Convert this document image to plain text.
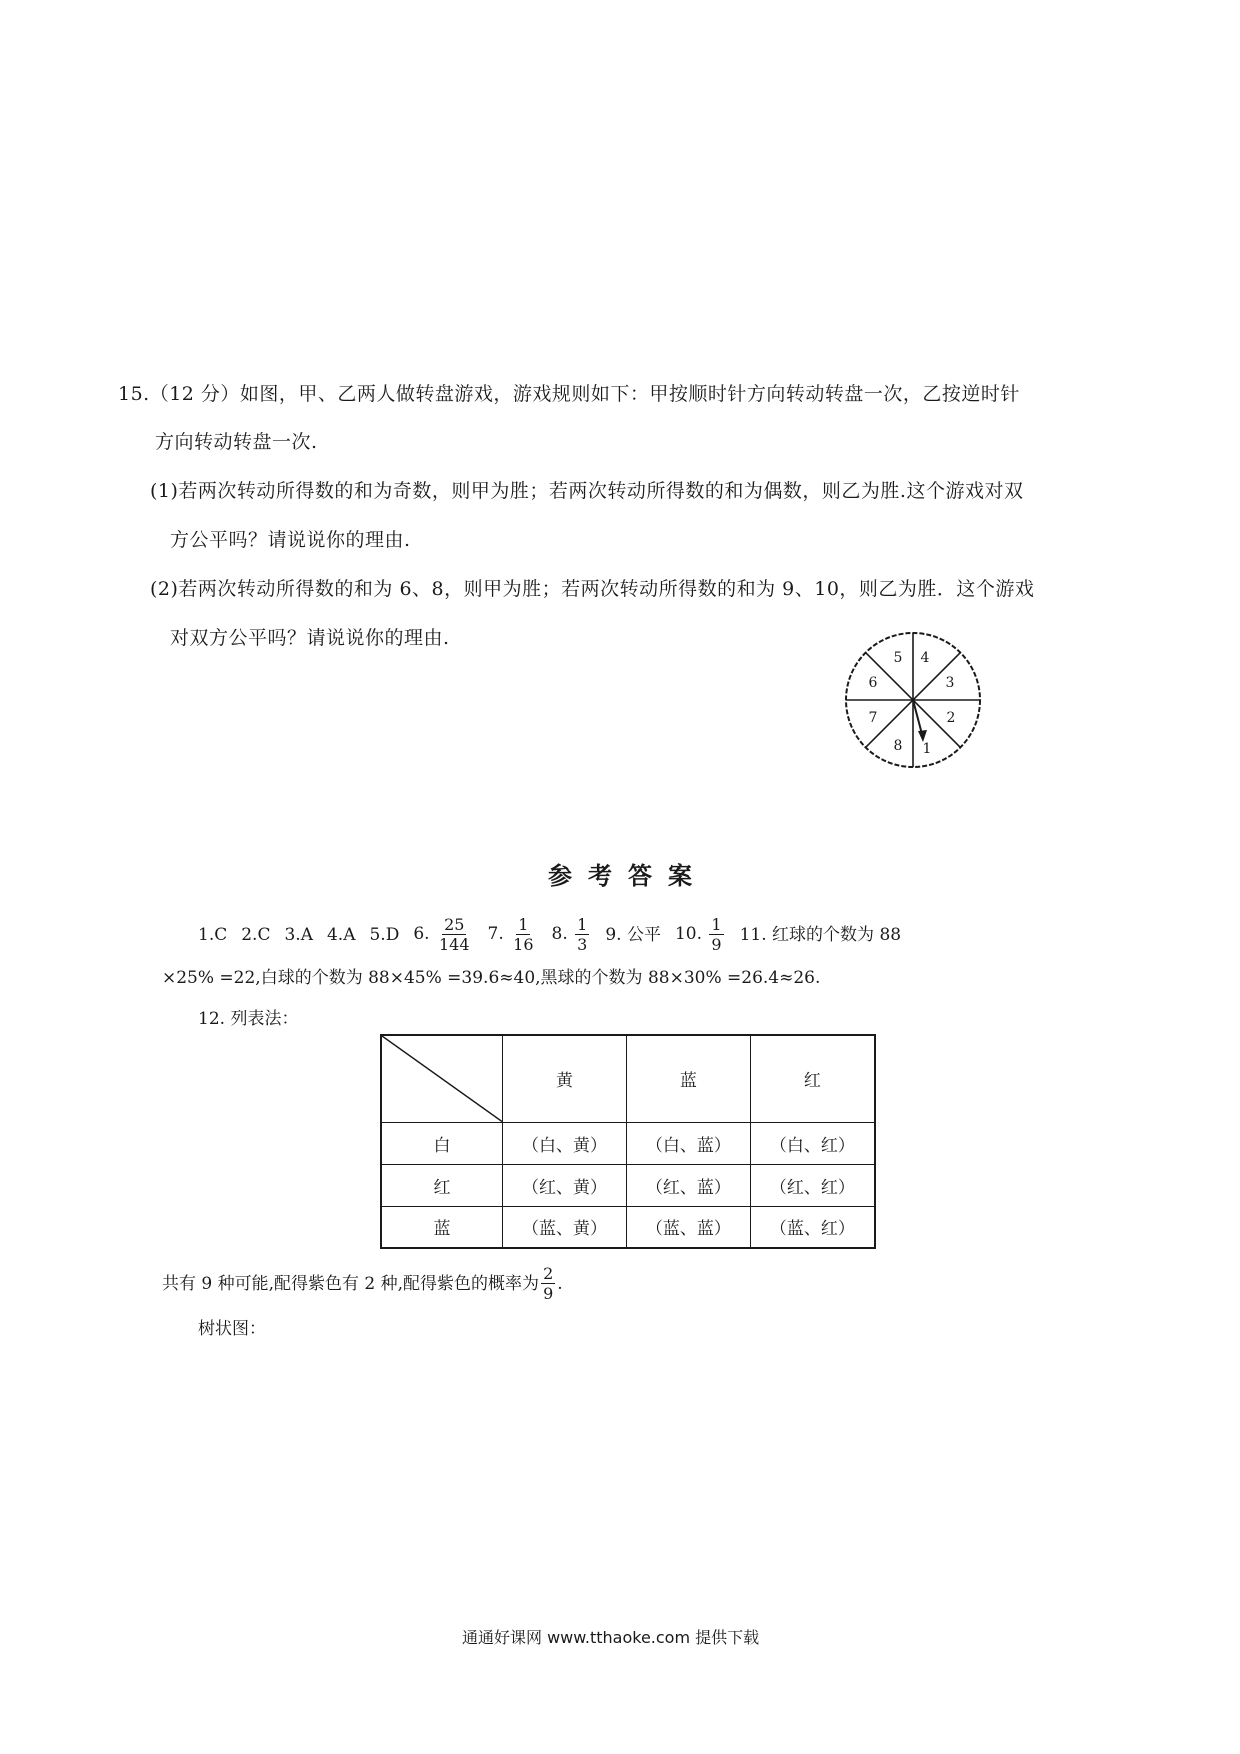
15.（12 分）如图，甲、乙两人做转盘游戏，游戏规则如下：甲按顺时针方向转动转盘一次，乙按逆时针
方向转动转盘一次.
(1)若两次转动所得数的和为奇数，则甲为胜；若两次转动所得数的和为偶数，则乙为胜.这个游戏对双
方公平吗？请说说你的理由.
(2)若两次转动所得数的和为 6、8，则甲为胜；若两次转动所得数的和为 9、10，则乙为胜．这个游戏
对双方公平吗？请说说你的理由.
1
2
3
4
5
6
7
8
参考答案
1.C 2.C 3.A 4.A 5.D 6. $\frac{25}{144} 7$. $\frac{1}{16} 8$. $\frac{1}{3} 9$. 公平 10. $\frac{1}{9} 11$. 红球的个数为 88
×25% =22,白球的个数为 88×45% =39.6≈40,黑球的个数为 88×30% =26.4≈26.
12. 列表法：
	黄	蓝	红
白	（白、黄）	（白、蓝）	（白、红）
红	（红、黄）	（红、蓝）	（红、红）
蓝	（蓝、黄）	（蓝、蓝）	（蓝、红）
共有 9 种可能,配得紫色有 2 种,配得紫色的概率为 $\frac{2}{9}$ .
树状图：
通通好课网 www.tthaoke.com 提供下载
